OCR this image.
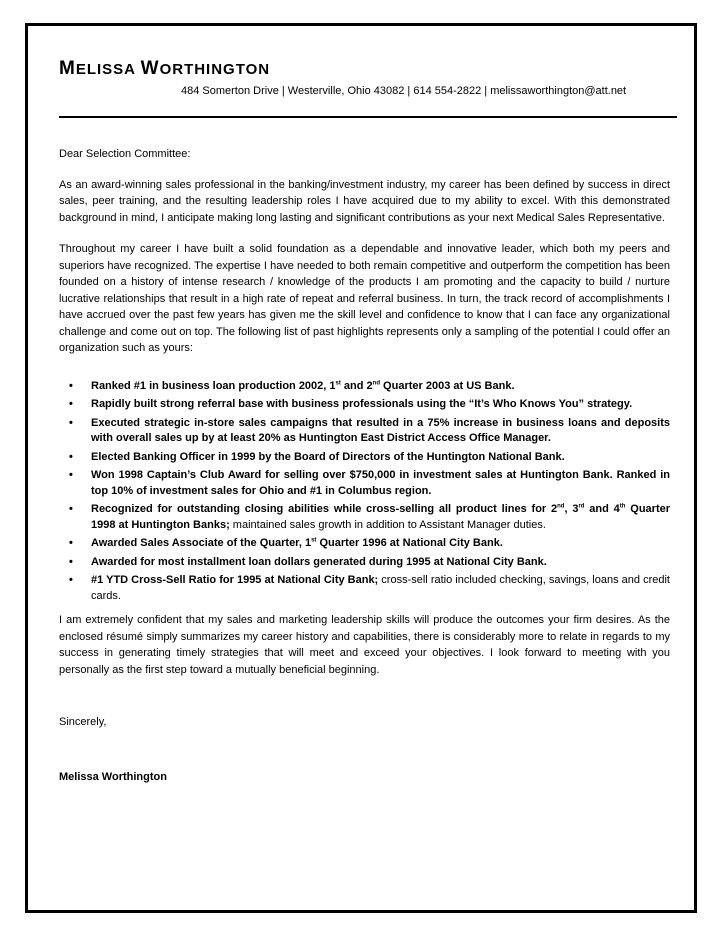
MELISSA WORTHINGTON
484 Somerton Drive | Westerville, Ohio 43082 | 614 554-2822 | melissaworthington@att.net

Dear Selection Committee:

As an award-winning sales professional in the banking/investment industry, my career has been defined by success in direct sales, peer training, and the resulting leadership roles I have acquired due to my ability to excel. With this demonstrated background in mind, I anticipate making long lasting and significant contributions as your next Medical Sales Representative.

Throughout my career I have built a solid foundation as a dependable and innovative leader, which both my peers and superiors have recognized. The expertise I have needed to both remain competitive and outperform the competition has been founded on a history of intense research / knowledge of the products I am promoting and the capacity to build / nurture lucrative relationships that result in a high rate of repeat and referral business. In turn, the track record of accomplishments I have accrued over the past few years has given me the skill level and confidence to know that I can face any organizational challenge and come out on top. The following list of past highlights represents only a sampling of the potential I could offer an organization such as yours:

• Ranked #1 in business loan production 2002, 1st and 2nd Quarter 2003 at US Bank.
• Rapidly built strong referral base with business professionals using the “It’s Who Knows You” strategy.
• Executed strategic in-store sales campaigns that resulted in a 75% increase in business loans and deposits with overall sales up by at least 20% as Huntington East District Access Office Manager.
• Elected Banking Officer in 1999 by the Board of Directors of the Huntington National Bank.
• Won 1998 Captain’s Club Award for selling over $750,000 in investment sales at Huntington Bank. Ranked in top 10% of investment sales for Ohio and #1 in Columbus region.
• Recognized for outstanding closing abilities while cross-selling all product lines for 2nd, 3rd and 4th Quarter 1998 at Huntington Banks; maintained sales growth in addition to Assistant Manager duties.
• Awarded Sales Associate of the Quarter, 1st Quarter 1996 at National City Bank.
• Awarded for most installment loan dollars generated during 1995 at National City Bank.
• #1 YTD Cross-Sell Ratio for 1995 at National City Bank; cross-sell ratio included checking, savings, loans and credit cards.

I am extremely confident that my sales and marketing leadership skills will produce the outcomes your firm desires. As the enclosed résumé simply summarizes my career history and capabilities, there is considerably more to relate in regards to my success in generating timely strategies that will meet and exceed your objectives. I look forward to meeting with you personally as the first step toward a mutually beneficial beginning.

Sincerely,

Melissa Worthington
